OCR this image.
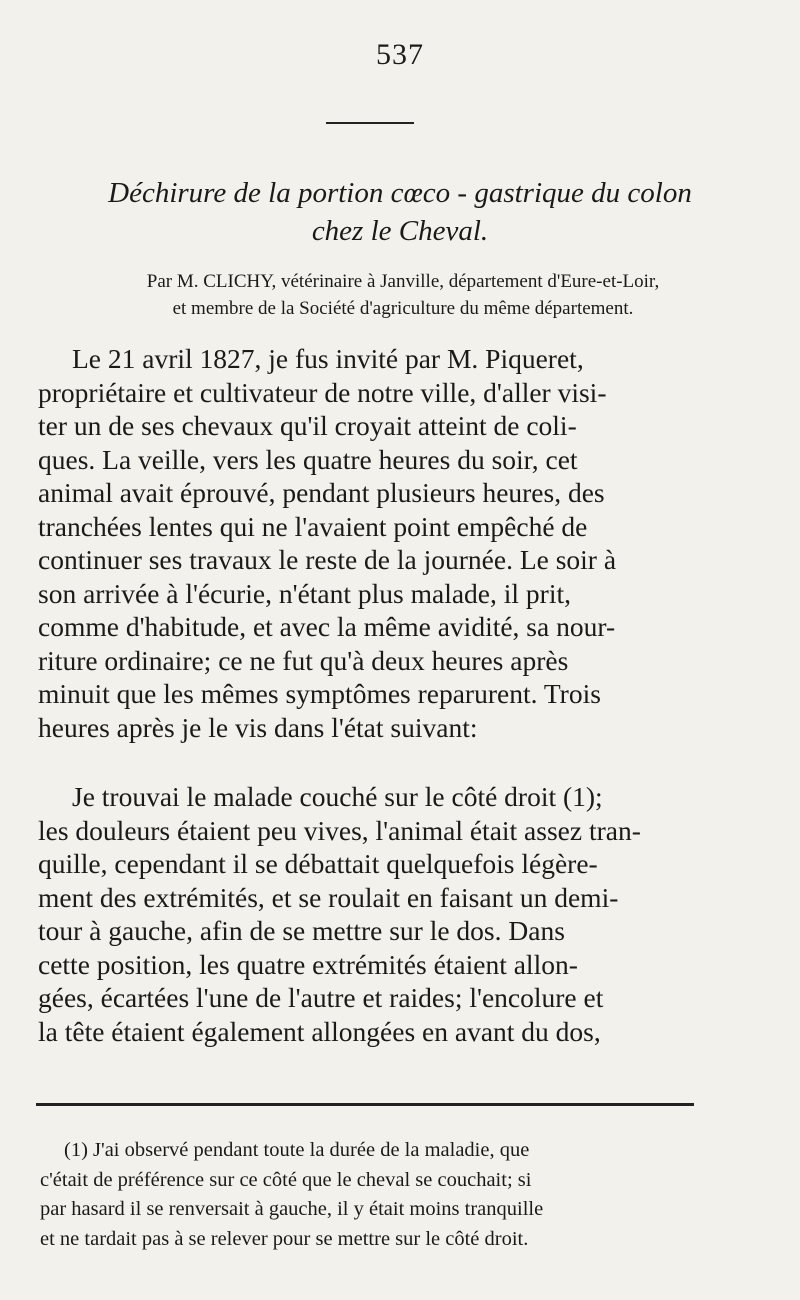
537
Déchirure de la portion cœco - gastrique du colon
chez le Cheval.
Par M. CLICHY, vétérinaire à Janville, département d'Eure-et-Loir,
et membre de la Société d'agriculture du même département.
Le 21 avril 1827, je fus invité par M. Piqueret,
propriétaire et cultivateur de notre ville, d'aller visi-
ter un de ses chevaux qu'il croyait atteint de coli-
ques. La veille, vers les quatre heures du soir, cet
animal avait éprouvé, pendant plusieurs heures, des
tranchées lentes qui ne l'avaient point empêché de
continuer ses travaux le reste de la journée. Le soir à
son arrivée à l'écurie, n'étant plus malade, il prit,
comme d'habitude, et avec la même avidité, sa nour-
riture ordinaire; ce ne fut qu'à deux heures après
minuit que les mêmes symptômes reparurent. Trois
heures après je le vis dans l'état suivant:
Je trouvai le malade couché sur le côté droit (1);
les douleurs étaient peu vives, l'animal était assez tran-
quille, cependant il se débattait quelquefois légère-
ment des extrémités, et se roulait en faisant un demi-
tour à gauche, afin de se mettre sur le dos. Dans
cette position, les quatre extrémités étaient allon-
gées, écartées l'une de l'autre et raides; l'encolure et
la tête étaient également allongées en avant du dos,
(1) J'ai observé pendant toute la durée de la maladie, que
c'était de préférence sur ce côté que le cheval se couchait; si
par hasard il se renversait à gauche, il y était moins tranquille
et ne tardait pas à se relever pour se mettre sur le côté droit.
